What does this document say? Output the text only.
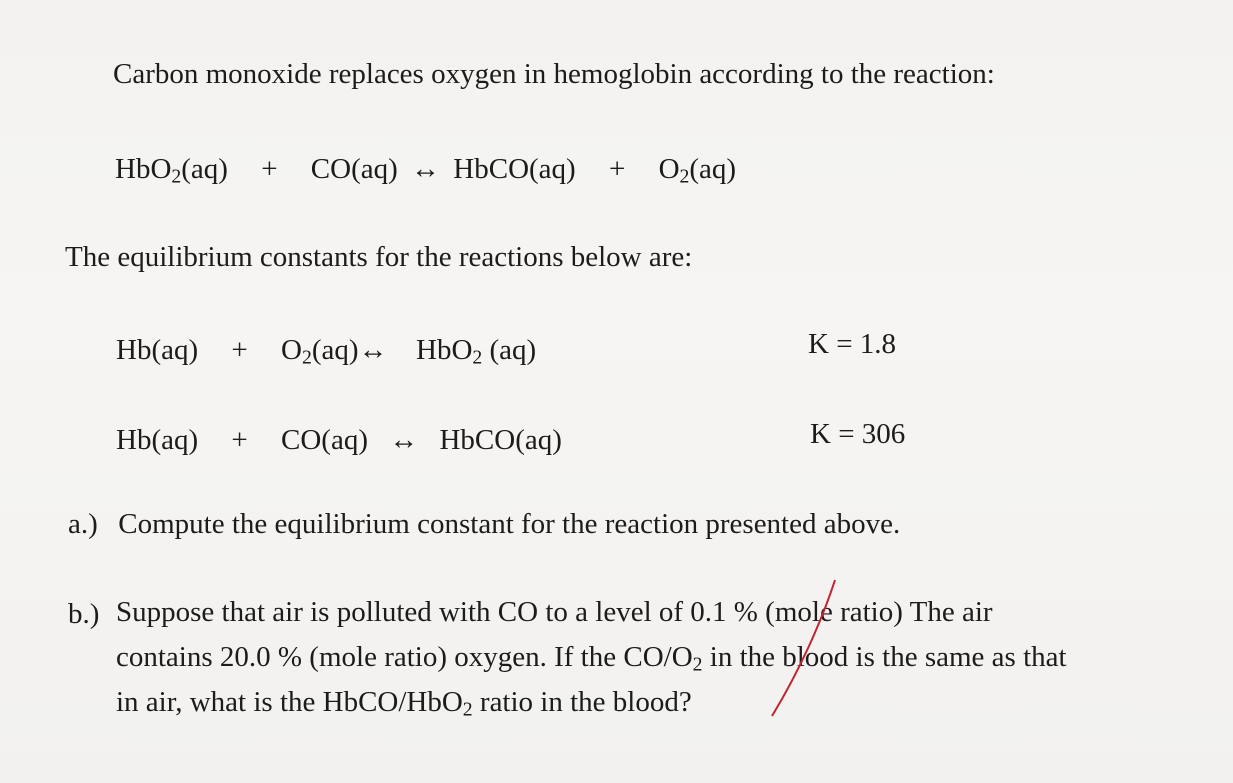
Carbon monoxide replaces oxygen in hemoglobin according to the reaction:
HbO$_2$(aq) + CO(aq) ↔ HbCO(aq) + $O_2(aq)$
The equilibrium constants for the reactions below are:
$Hb(aq) + O_2(aq)\leftrightarrow$ HbO$_2$ (aq)	K = 1.8
Hb(aq) + CO(aq) ↔ HbCO(aq)	K = 306
a.) Compute the equilibrium constant for the reaction presented above.
b.) Suppose that air is polluted with CO to a level of 0.1 % (mole ratio) The air
contains 20.0 % (mole ratio) oxygen. If the $CO/O_2$ in the blood is the same as that
in air, what is the HbCO/HbO$_2$ ratio in the blood?
